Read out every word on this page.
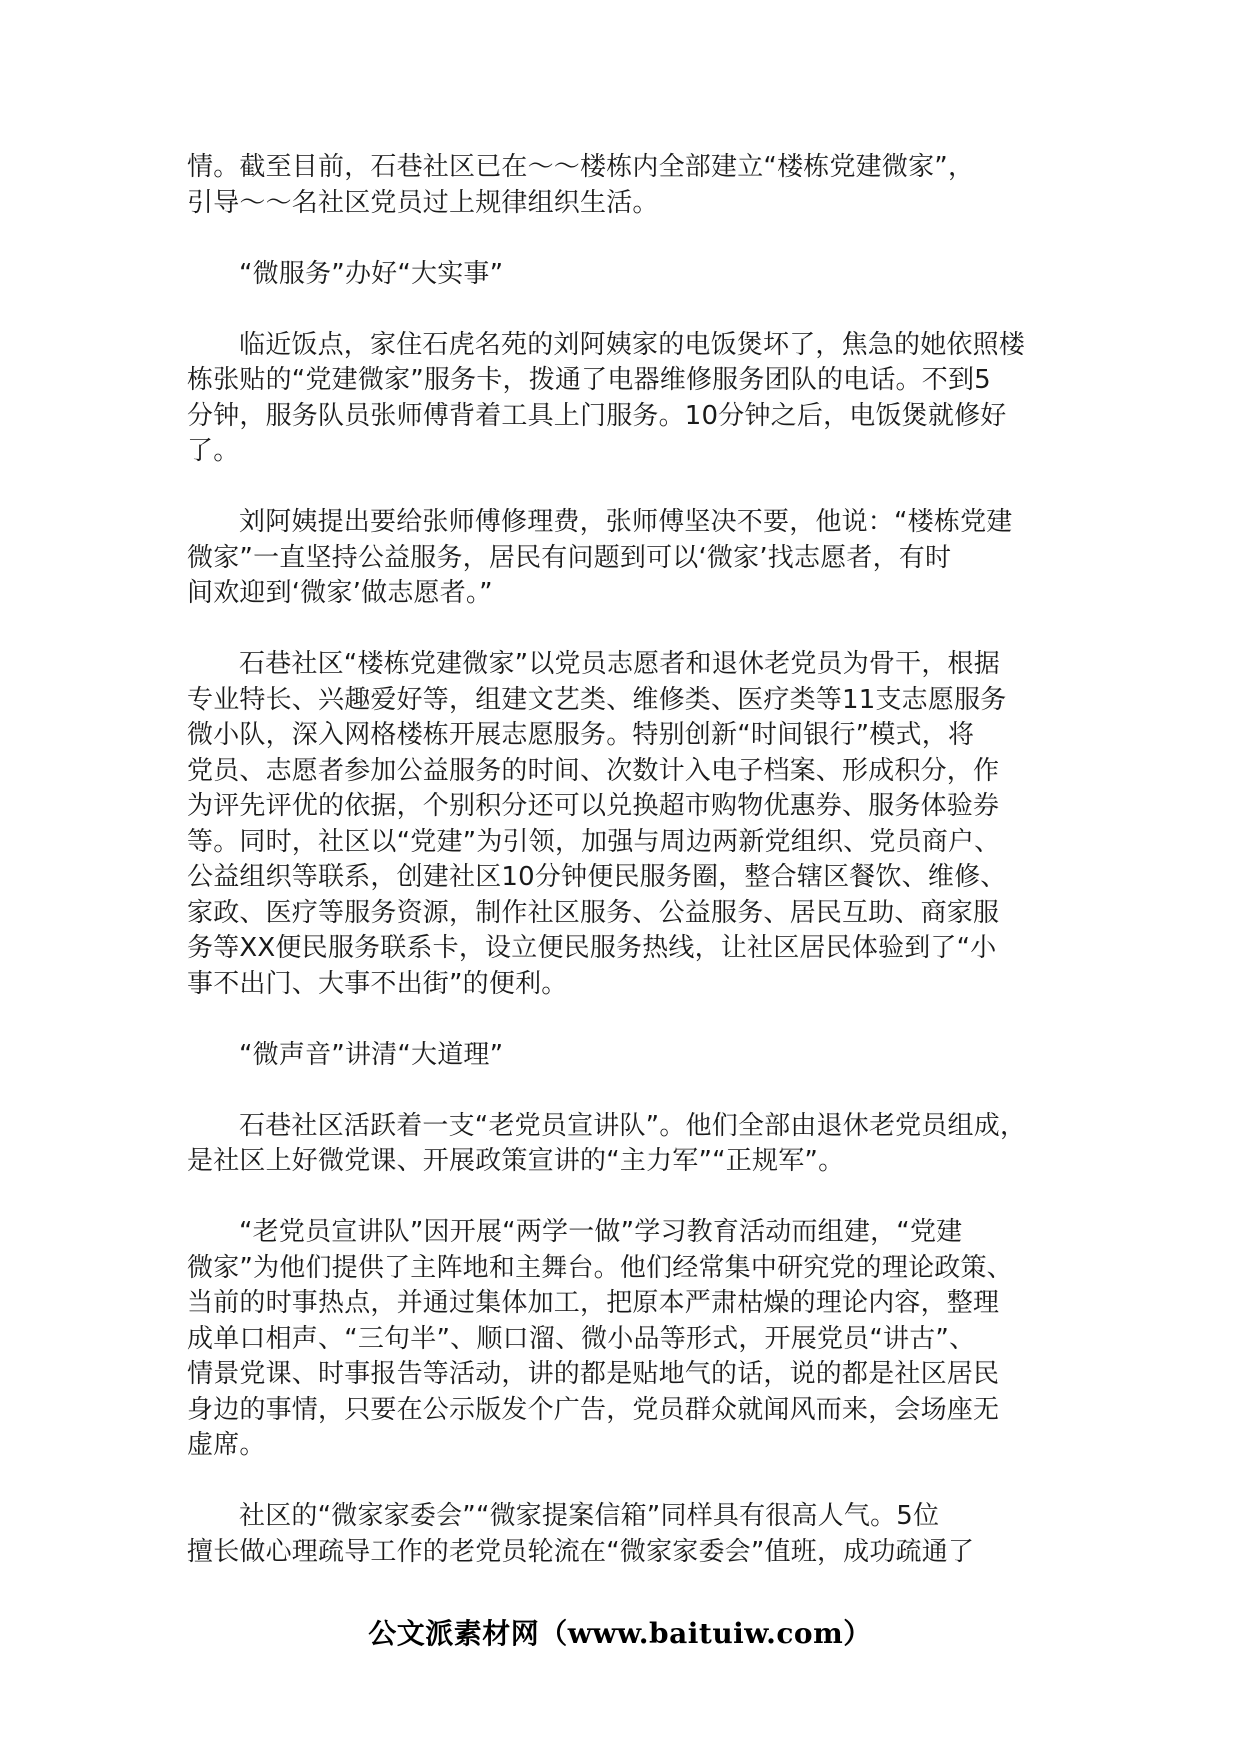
情。截至目前，石巷社区已在～～楼栋内全部建立“楼栋党建微家”，
引导～～名社区党员过上规律组织生活。

“微服务”办好“大实事”

临近饭点，家住石虎名苑的刘阿姨家的电饭煲坏了，焦急的她依照楼
栋张贴的“党建微家”服务卡，拨通了电器维修服务团队的电话。不到5
分钟，服务队员张师傅背着工具上门服务。10分钟之后，电饭煲就修好
了。

刘阿姨提出要给张师傅修理费，张师傅坚决不要，他说：“楼栋党建
微家”一直坚持公益服务，居民有问题到可以‘微家’找志愿者，有时
间欢迎到‘微家’做志愿者。”

石巷社区“楼栋党建微家”以党员志愿者和退休老党员为骨干，根据
专业特长、兴趣爱好等，组建文艺类、维修类、医疗类等11支志愿服务
微小队，深入网格楼栋开展志愿服务。特别创新“时间银行”模式，将
党员、志愿者参加公益服务的时间、次数计入电子档案、形成积分，作
为评先评优的依据，个别积分还可以兑换超市购物优惠券、服务体验券
等。同时，社区以“党建”为引领，加强与周边两新党组织、党员商户、
公益组织等联系，创建社区10分钟便民服务圈，整合辖区餐饮、维修、
家政、医疗等服务资源，制作社区服务、公益服务、居民互助、商家服
务等XX便民服务联系卡，设立便民服务热线，让社区居民体验到了“小
事不出门、大事不出街”的便利。

“微声音”讲清“大道理”

石巷社区活跃着一支“老党员宣讲队”。他们全部由退休老党员组成，
是社区上好微党课、开展政策宣讲的“主力军”“正规军”。

“老党员宣讲队”因开展“两学一做”学习教育活动而组建，“党建
微家”为他们提供了主阵地和主舞台。他们经常集中研究党的理论政策、
当前的时事热点，并通过集体加工，把原本严肃枯燥的理论内容，整理
成单口相声、“三句半”、顺口溜、微小品等形式，开展党员“讲古”、
情景党课、时事报告等活动，讲的都是贴地气的话，说的都是社区居民
身边的事情，只要在公示版发个广告，党员群众就闻风而来，会场座无
虚席。

社区的“微家家委会”“微家提案信箱”同样具有很高人气。5位
擅长做心理疏导工作的老党员轮流在“微家家委会”值班，成功疏通了

公文派素材网（www.baituiw.com）
